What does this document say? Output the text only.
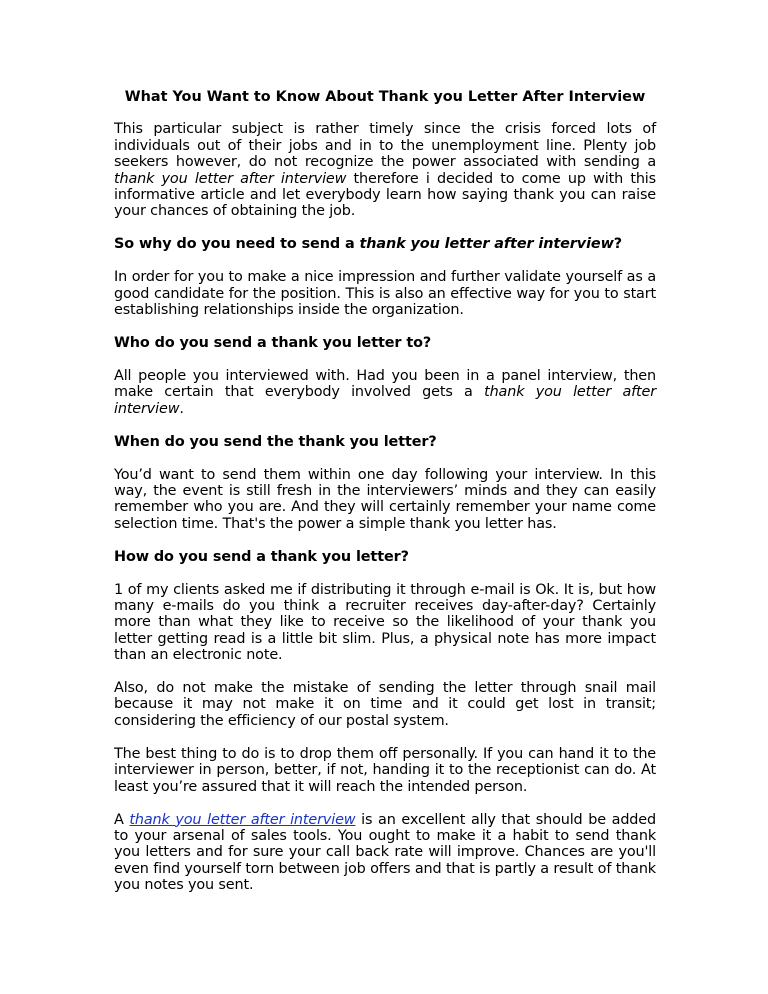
What You Want to Know About Thank you Letter After Interview

This particular subject is rather timely since the crisis forced lots of individuals out of their jobs and in to the unemployment line. Plenty job seekers however, do not recognize the power associated with sending a thank you letter after interview therefore i decided to come up with this informative article and let everybody learn how saying thank you can raise your chances of obtaining the job.

So why do you need to send a thank you letter after interview?

In order for you to make a nice impression and further validate yourself as a good candidate for the position. This is also an effective way for you to start establishing relationships inside the organization.

Who do you send a thank you letter to?

All people you interviewed with. Had you been in a panel interview, then make certain that everybody involved gets a thank you letter after interview.

When do you send the thank you letter?

You’d want to send them within one day following your interview. In this way, the event is still fresh in the interviewers’ minds and they can easily remember who you are. And they will certainly remember your name come selection time. That's the power a simple thank you letter has.

How do you send a thank you letter?

1 of my clients asked me if distributing it through e-mail is Ok. It is, but how many e-mails do you think a recruiter receives day-after-day? Certainly more than what they like to receive so the likelihood of your thank you letter getting read is a little bit slim. Plus, a physical note has more impact than an electronic note.

Also, do not make the mistake of sending the letter through snail mail because it may not make it on time and it could get lost in transit; considering the efficiency of our postal system.

The best thing to do is to drop them off personally. If you can hand it to the interviewer in person, better, if not, handing it to the receptionist can do. At least you’re assured that it will reach the intended person.

A thank you letter after interview is an excellent ally that should be added to your arsenal of sales tools. You ought to make it a habit to send thank you letters and for sure your call back rate will improve. Chances are you'll even find yourself torn between job offers and that is partly a result of thank you notes you sent.
